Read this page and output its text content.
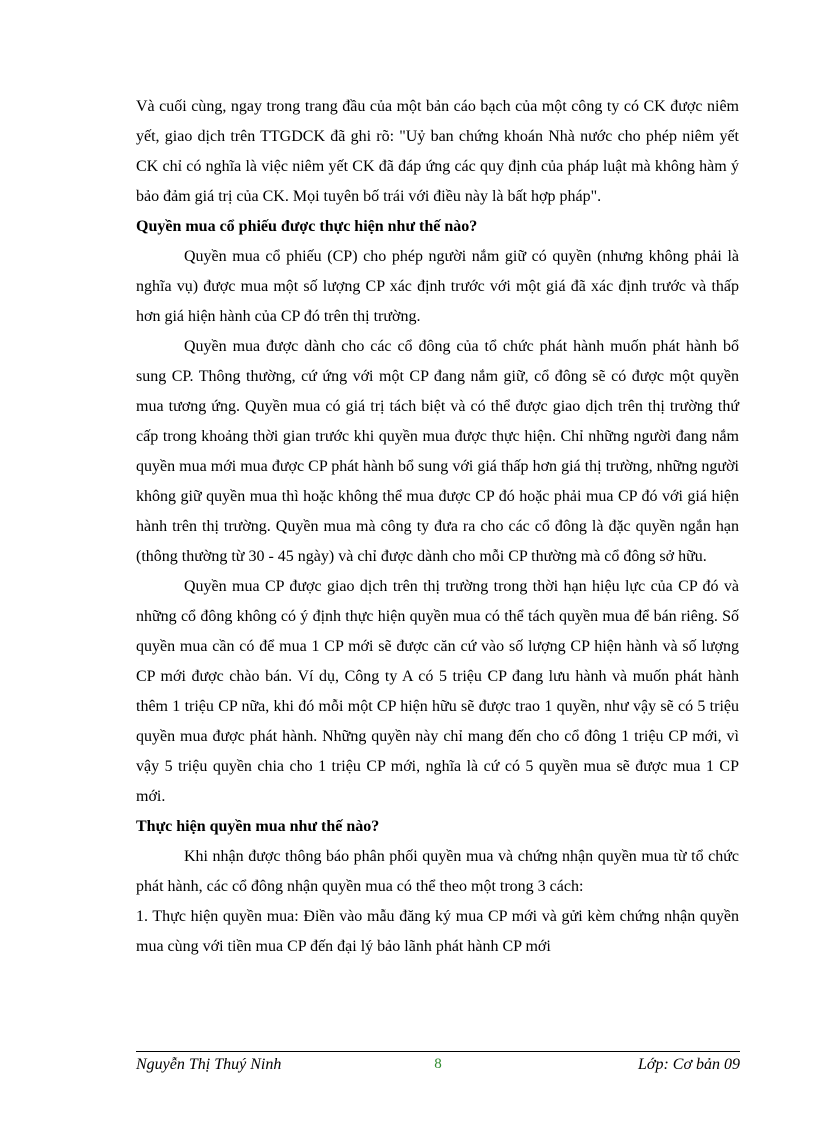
Và cuối cùng, ngay trong trang đầu của một bản cáo bạch của một công ty có CK được niêm yết, giao dịch trên TTGDCK đã ghi rõ: "Uỷ ban chứng khoán Nhà nước cho phép niêm yết CK chỉ có nghĩa là việc niêm yết CK đã đáp ứng các quy định của pháp luật mà không hàm ý bảo đảm giá trị của CK. Mọi tuyên bố trái với điều này là bất hợp pháp".

Quyền mua cổ phiếu được thực hiện như thế nào?

Quyền mua cổ phiếu (CP) cho phép người nắm giữ có quyền (nhưng không phải là nghĩa vụ) được mua một số lượng CP xác định trước với một giá đã xác định trước và thấp hơn giá hiện hành của CP đó trên thị trường.

Quyền mua được dành cho các cổ đông của tổ chức phát hành muốn phát hành bổ sung CP. Thông thường, cứ ứng với một CP đang nắm giữ, cổ đông sẽ có được một quyền mua tương ứng. Quyền mua có giá trị tách biệt và có thể được giao dịch trên thị trường thứ cấp trong khoảng thời gian trước khi quyền mua được thực hiện. Chỉ những người đang nắm quyền mua mới mua được CP phát hành bổ sung với giá thấp hơn giá thị trường, những người không giữ quyền mua thì hoặc không thể mua được CP đó hoặc phải mua CP đó với giá hiện hành trên thị trường. Quyền mua mà công ty đưa ra cho các cổ đông là đặc quyền ngắn hạn (thông thường từ 30 - 45 ngày) và chỉ được dành cho mỗi CP thường mà cổ đông sở hữu.

Quyền mua CP được giao dịch trên thị trường trong thời hạn hiệu lực của CP đó và những cổ đông không có ý định thực hiện quyền mua có thể tách quyền mua để bán riêng. Số quyền mua cần có để mua 1 CP mới sẽ được căn cứ vào số lượng CP hiện hành và số lượng CP mới được chào bán. Ví dụ, Công ty A có 5 triệu CP đang lưu hành và muốn phát hành thêm 1 triệu CP nữa, khi đó mỗi một CP hiện hữu sẽ được trao 1 quyền, như vậy sẽ có 5 triệu quyền mua được phát hành. Những quyền này chỉ mang đến cho cổ đông 1 triệu CP mới, vì vậy 5 triệu quyền chia cho 1 triệu CP mới, nghĩa là cứ có 5 quyền mua sẽ được mua 1 CP mới.

Thực hiện quyền mua như thế nào?

Khi nhận được thông báo phân phối quyền mua và chứng nhận quyền mua từ tổ chức phát hành, các cổ đông nhận quyền mua có thể theo một trong 3 cách:

1. Thực hiện quyền mua: Điền vào mẫu đăng ký mua CP mới và gửi kèm chứng nhận quyền mua cùng với tiền mua CP đến đại lý bảo lãnh phát hành CP mới

Nguyễn Thị Thuý Ninh	8	Lớp: Cơ bản 09
